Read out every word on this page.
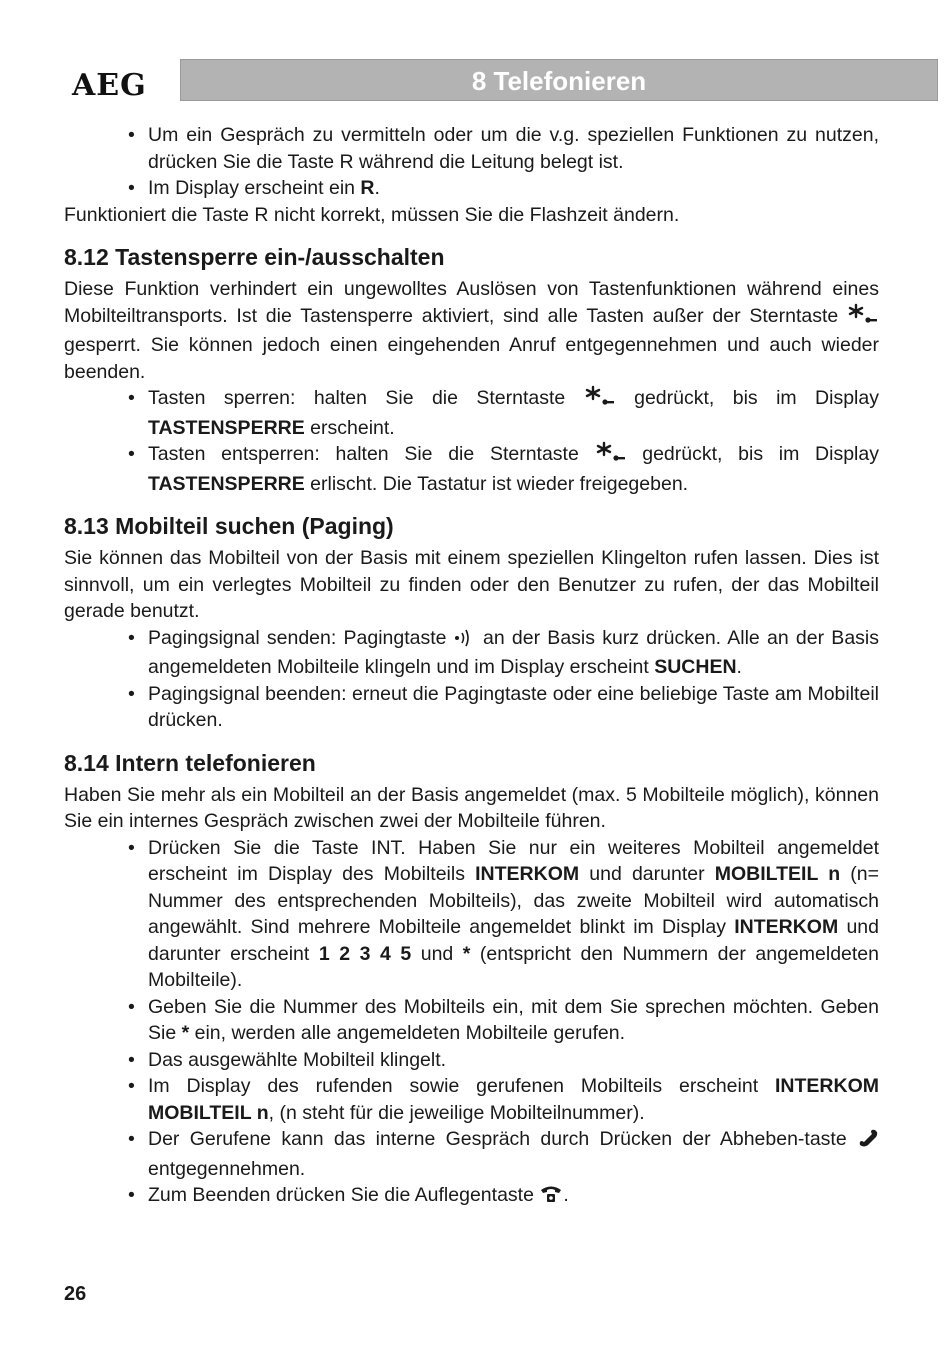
AEG	8 Telefonieren
• Um ein Gespräch zu vermitteln oder um die v.g. speziellen Funktionen zu nutzen, drücken Sie die Taste R während die Leitung belegt ist.
• Im Display erscheint ein R.

Funktioniert die Taste R nicht korrekt, müssen Sie die Flashzeit ändern.

8.12 Tastensperre ein-/ausschalten

Diese Funktion verhindert ein ungewolltes Auslösen von Tastenfunktionen während eines Mobilteiltransports. Ist die Tastensperre aktiviert, sind alle Tasten außer der Sterntaste  gesperrt. Sie können jedoch einen eingehenden Anruf entgegennehmen und auch wieder beenden.

• Tasten sperren: halten Sie die Sterntaste  gedrückt, bis im Display TASTENSPERRE erscheint.
• Tasten entsperren: halten Sie die Sterntaste  gedrückt, bis im Display TASTENSPERRE erlischt. Die Tastatur ist wieder freigegeben.
8.13 Mobilteil suchen (Paging)

Sie können das Mobilteil von der Basis mit einem speziellen Klingelton rufen lassen. Dies ist sinnvoll, um ein verlegtes Mobilteil zu finden oder den Benutzer zu rufen, der das Mobilteil gerade benutzt.

• Pagingsignal senden: Pagingtaste  an der Basis kurz drücken. Alle an der Basis angemeldeten Mobilteile klingeln und im Display erscheint SUCHEN.
• Pagingsignal beenden: erneut die Pagingtaste oder eine beliebige Taste am Mobilteil drücken.
8.14 Intern telefonieren

Haben Sie mehr als ein Mobilteil an der Basis angemeldet (max. 5 Mobilteile möglich), können Sie ein internes Gespräch zwischen zwei der Mobilteile führen.

• Drücken Sie die Taste INT. Haben Sie nur ein weiteres Mobilteil angemeldet erscheint im Display des Mobilteils INTERKOM und darunter MOBILTEIL n (n= Nummer des entsprechenden Mobilteils), das zweite Mobilteil wird automatisch angewählt. Sind mehrere Mobilteile angemeldet blinkt im Display INTERKOM und darunter erscheint 1 2 3 4 5 und * (entspricht den Nummern der angemeldeten Mobilteile).
• Geben Sie die Nummer des Mobilteils ein, mit dem Sie sprechen möchten. Geben Sie * ein, werden alle angemeldeten Mobilteile gerufen.
• Das ausgewählte Mobilteil klingelt.
• Im Display des rufenden sowie gerufenen Mobilteils erscheint INTERKOM MOBILTEIL n, (n steht für die jeweilige Mobilteilnummer).
• Der Gerufene kann das interne Gespräch durch Drücken der Abheben-taste  entgegennehmen.
• Zum Beenden drücken Sie die Auflegentaste .
26
